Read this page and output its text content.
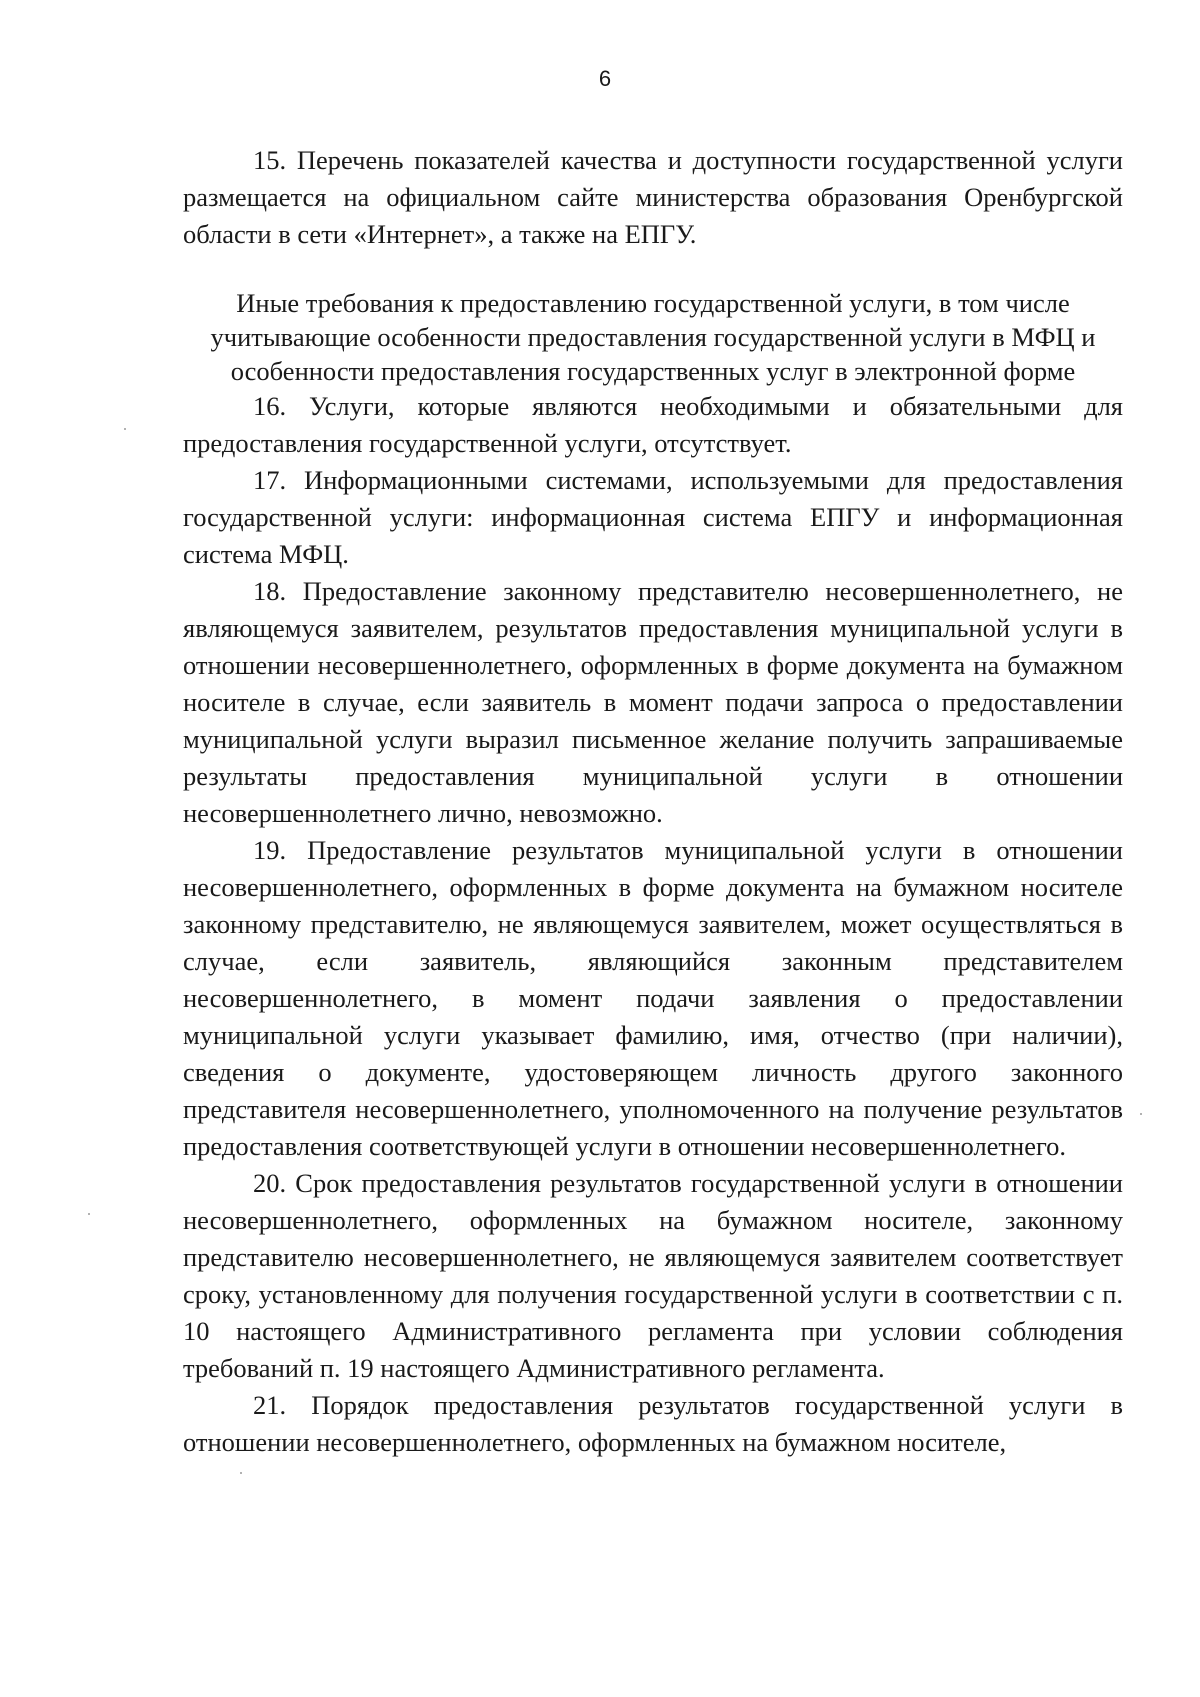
6

15. Перечень показателей качества и доступности государственной услуги размещается на официальном сайте министерства образования Оренбургской области в сети «Интернет», а также на ЕПГУ.

Иные требования к предоставлению государственной услуги, в том числе учитывающие особенности предоставления государственной услуги в МФЦ и особенности предоставления государственных услуг в электронной форме

16. Услуги, которые являются необходимыми и обязательными для предоставления государственной услуги, отсутствует.

17. Информационными системами, используемыми для предоставления государственной услуги: информационная система ЕПГУ и информационная система МФЦ.

18. Предоставление законному представителю несовершеннолетнего, не являющемуся заявителем, результатов предоставления муниципальной услуги в отношении несовершеннолетнего, оформленных в форме документа на бумажном носителе в случае, если заявитель в момент подачи запроса о предоставлении муниципальной услуги выразил письменное желание получить запрашиваемые результаты предоставления муниципальной услуги в отношении несовершеннолетнего лично, невозможно.

19. Предоставление результатов муниципальной услуги в отношении несовершеннолетнего, оформленных в форме документа на бумажном носителе законному представителю, не являющемуся заявителем, может осуществляться в случае, если заявитель, являющийся законным представителем несовершеннолетнего, в момент подачи заявления о предоставлении муниципальной услуги указывает фамилию, имя, отчество (при наличии), сведения о документе, удостоверяющем личность другого законного представителя несовершеннолетнего, уполномоченного на получение результатов предоставления соответствующей услуги в отношении несовершеннолетнего.

20. Срок предоставления результатов государственной услуги в отношении несовершеннолетнего, оформленных на бумажном носителе, законному представителю несовершеннолетнего, не являющемуся заявителем соответствует сроку, установленному для получения государственной услуги в соответствии с п. 10 настоящего Административного регламента при условии соблюдения требований п. 19 настоящего Административного регламента.

21. Порядок предоставления результатов государственной услуги в отношении несовершеннолетнего, оформленных на бумажном носителе,
